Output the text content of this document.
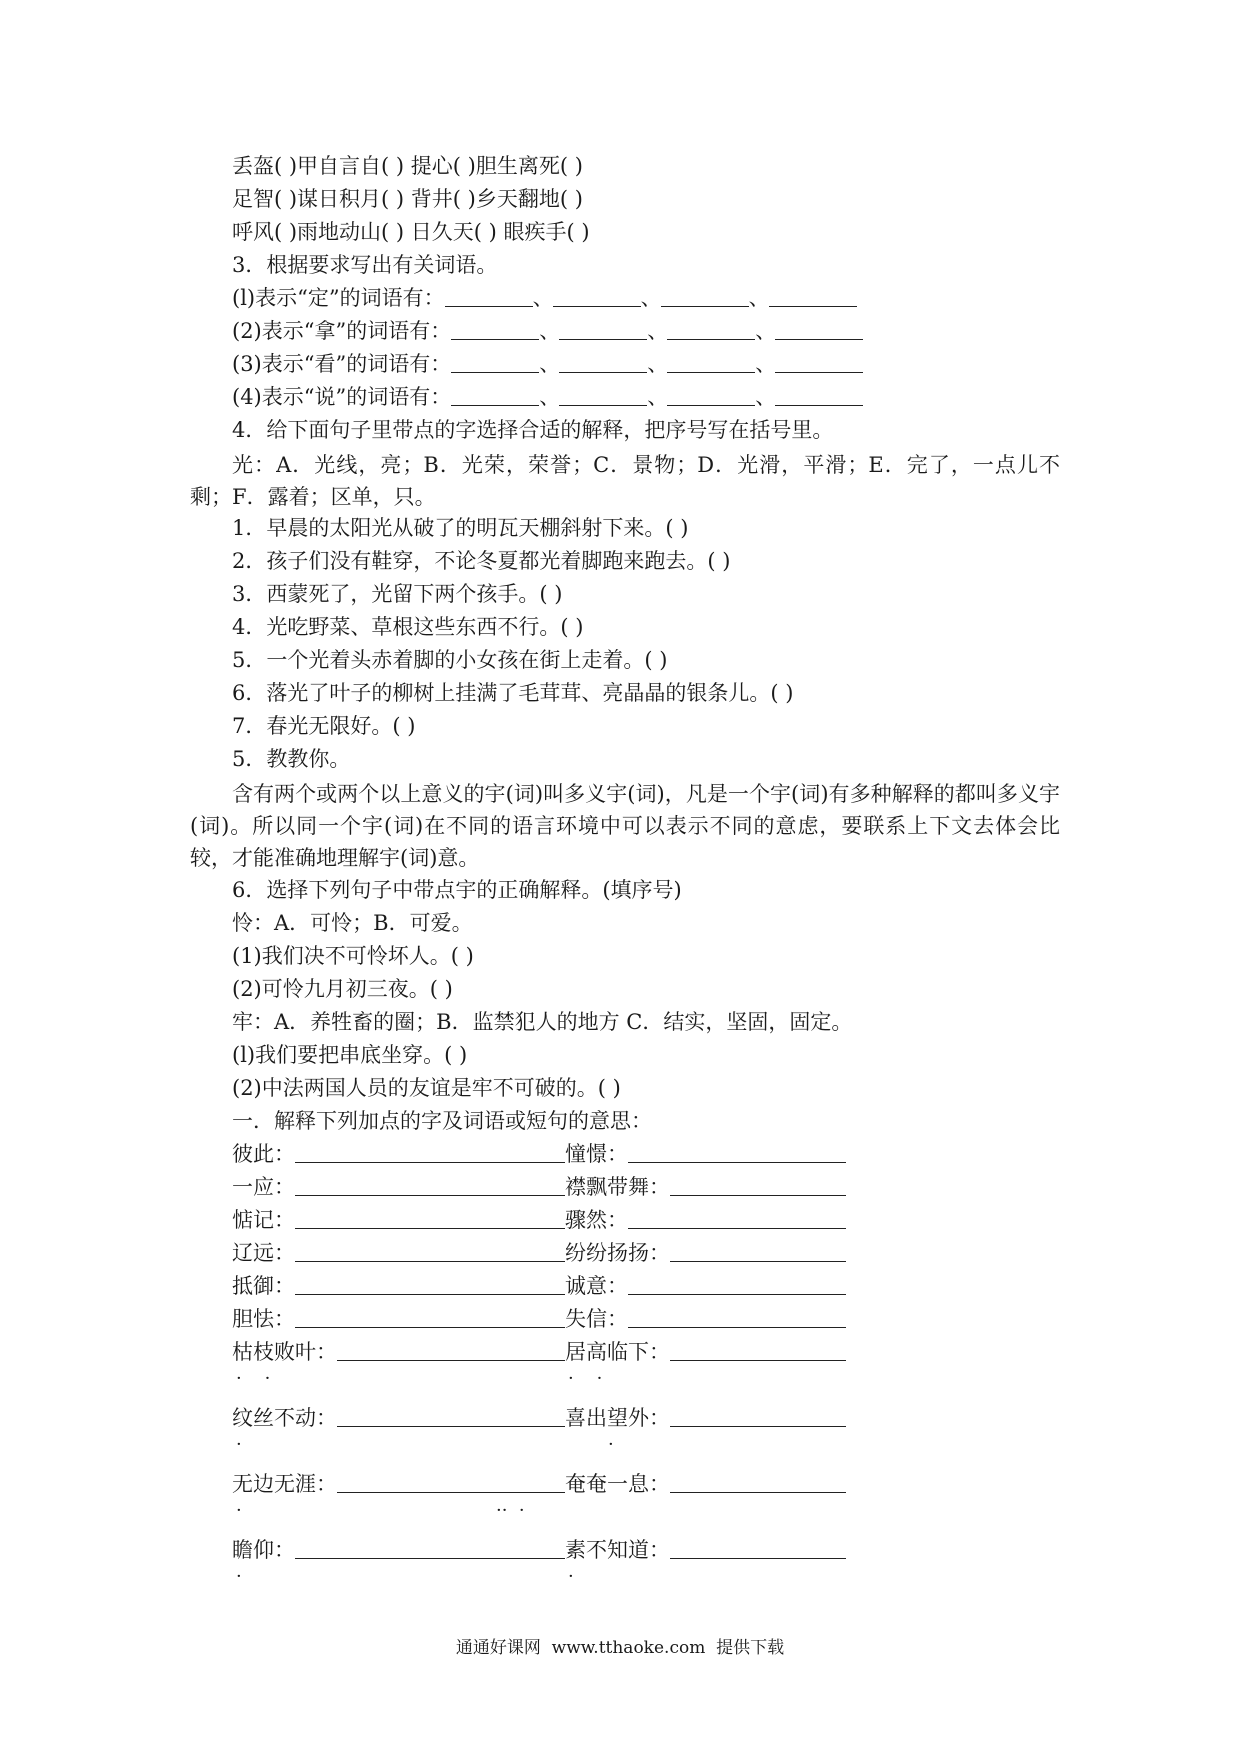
丢盔( )甲自言自( ) 提心( )胆生离死( )
足智( )谋日积月( ) 背井( )乡天翻地( )
呼风( )雨地动山( ) 日久天( ) 眼疾手( )
3．根据要求写出有关词语。
(l)表示“定”的词语有：	、	、	、
(2)表示“拿”的词语有：	、	、	、
(3)表示“看”的词语有：	、	、	、
(4)表示“说”的词语有：	、	、	、
4．给下面句子里带点的字选择合适的解释，把序号写在括号里。
光：A．光线，亮；B．光荣，荣誉；C．景物；D．光滑，平滑；E．完了，一点儿不剩；F．露着；区单，只。
1．早晨的太阳光从破了的明瓦天棚斜射下来。( )
2．孩子们没有鞋穿，不论冬夏都光着脚跑来跑去。( )
3．西蒙死了，光留下两个孩手。( )
4．光吃野菜、草根这些东西不行。( )
5．一个光着头赤着脚的小女孩在街上走着。( )
6．落光了叶子的柳树上挂满了毛茸茸、亮晶晶的银条儿。( )
7．春光无限好。( )
5．教教你。
含有两个或两个以上意义的宇(词)叫多义宇(词)，凡是一个宇(词)有多种解释的都叫多义宇(词)。所以同一个宇(词)在不同的语言环境中可以表示不同的意虑，要联系上下文去体会比较，才能准确地理解宇(词)意。
6．选择下列句子中带点宇的正确解释。(填序号)
怜：A．可怜；B．可爱。
(1)我们决不可怜坏人。( )
(2)可怜九月初三夜。( )
牢：A．养牲畜的圈；B．监禁犯人的地方 C．结实，坚固，固定。
(l)我们要把串底坐穿。( )
(2)中法两国人员的友谊是牢不可破的。( )
一．解释下列加点的字及词语或短句的意思：
彼此：	憧憬：
一应：	襟飘带舞：
惦记：	骤然：
辽远：	纷纷扬扬：
抵御：	诚意：
胆怯：	失信：
枯枝败叶：	居高临下：
·    ·	·    ·
纹丝不动：	喜出望外：
·	·
无边无涯：	奄奄一息：
·	··  ·
瞻仰：	素不知道：
·	·
通通好课网 www.tthaoke.com 提供下载
